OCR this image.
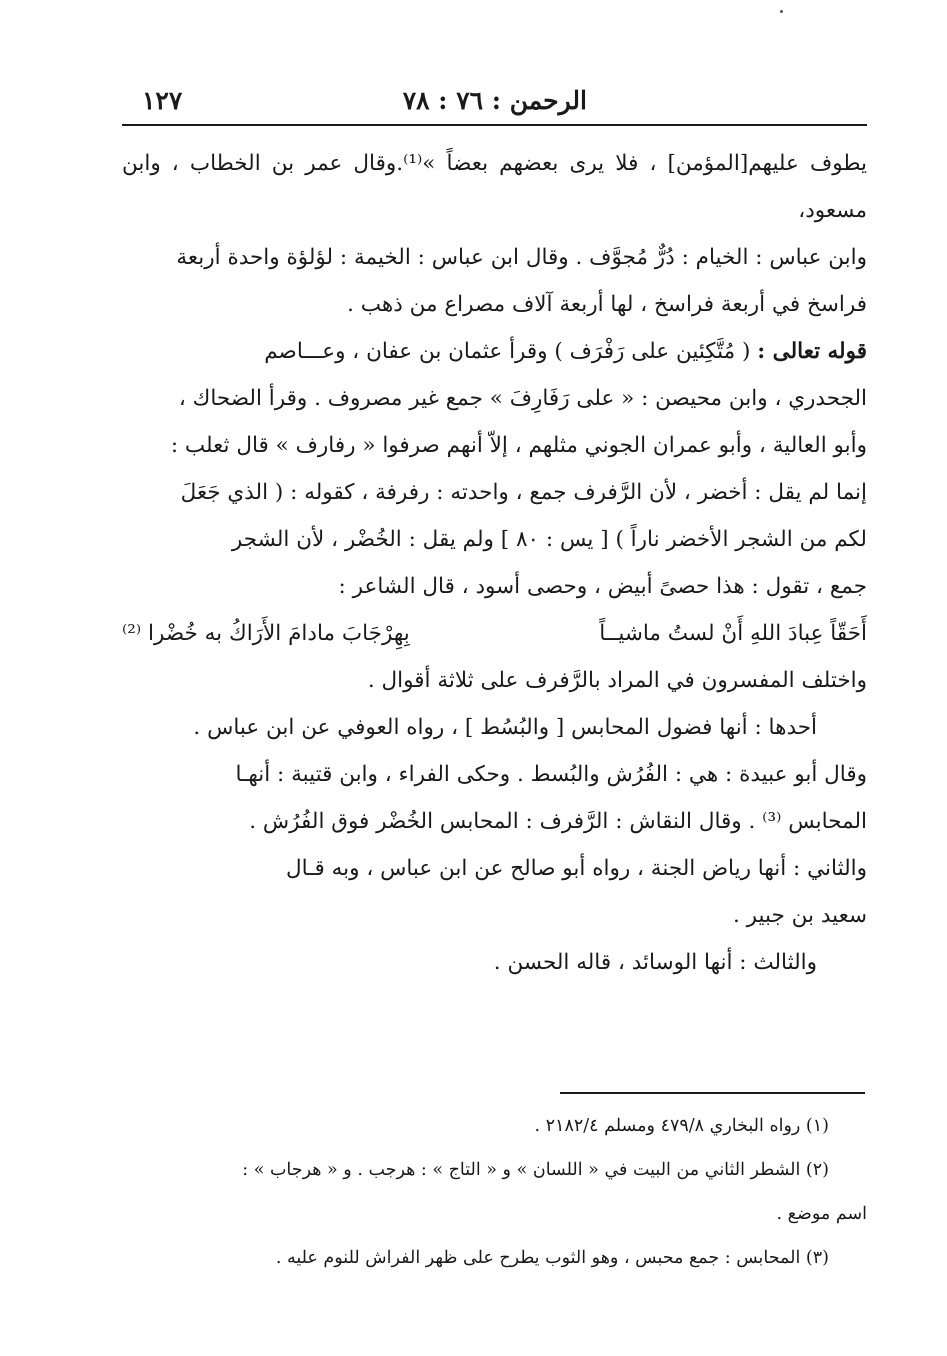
الرحمن : ٧٦ : ٧٨
١٢٧

يطوف عليهم[المؤمن] ، فلا يرى بعضهم بعضاً »⁽¹⁾.وقال عمر بن الخطاب ، وابن مسعود،

وابن عباس : الخيام : دُرٌّ مُجوَّف . وقال ابن عباس : الخيمة : لؤلؤة واحدة أربعة

فراسخ في أربعة فراسخ ، لها أربعة آلاف مصراع من ذهب .

قوله تعالى : ( مُتَّكِئين على رَفْرَف ) وقرأ عثمان بن عفان ، وعـــاصم

الجحدري ، وابن محيصن : « على رَفَارِفَ » جمع غير مصروف . وقرأ الضحاك ،

وأبو العالية ، وأبو عمران الجوني مثلهم ، إلاّ أنهم صرفوا « رفارف » قال ثعلب :

إنما لم يقل : أخضر ، لأن الرَّفرف جمع ، واحدته : رفرفة ، كقوله : ( الذي جَعَلَ

لكم من الشجر الأخضر ناراً ) [ يس : ٨٠ ] ولم يقل : الخُضْر ، لأن الشجر

جمع ، تقول : هذا حصىً أبيض ، وحصى أسود ، قال الشاعر :

أَحَقّاً عِبادَ اللهِ أَنْ لستُ ماشيــاً
بِهِرْجَابَ مادامَ الأَرَاكُ به خُضْرا ⁽²⁾

واختلف المفسرون في المراد بالرَّفرف على ثلاثة أقوال .

أحدها : أنها فضول المحابس [ والبُسُط ] ، رواه العوفي عن ابن عباس .

وقال أبو عبيدة : هي : الفُرُش والبُسط . وحكى الفراء ، وابن قتيبة : أنهـا

المحابس ⁽³⁾ . وقال النقاش : الرَّفرف : المحابس الخُضْر فوق الفُرُش .

والثاني : أنها رياض الجنة ، رواه أبو صالح عن ابن عباس ، وبه قـال

سعيد بن جبير .

والثالث : أنها الوسائد ، قاله الحسن .

(١) رواه البخاري ٤٧٩/٨ ومسلم ٢١٨٢/٤ .

(٢) الشطر الثاني من البيت في « اللسان » و « التاج » : هرجب . و « هرجاب » :

اسم موضع .

(٣) المحابس : جمع محبس ، وهو الثوب يطرح على ظهر الفراش للنوم عليه .
